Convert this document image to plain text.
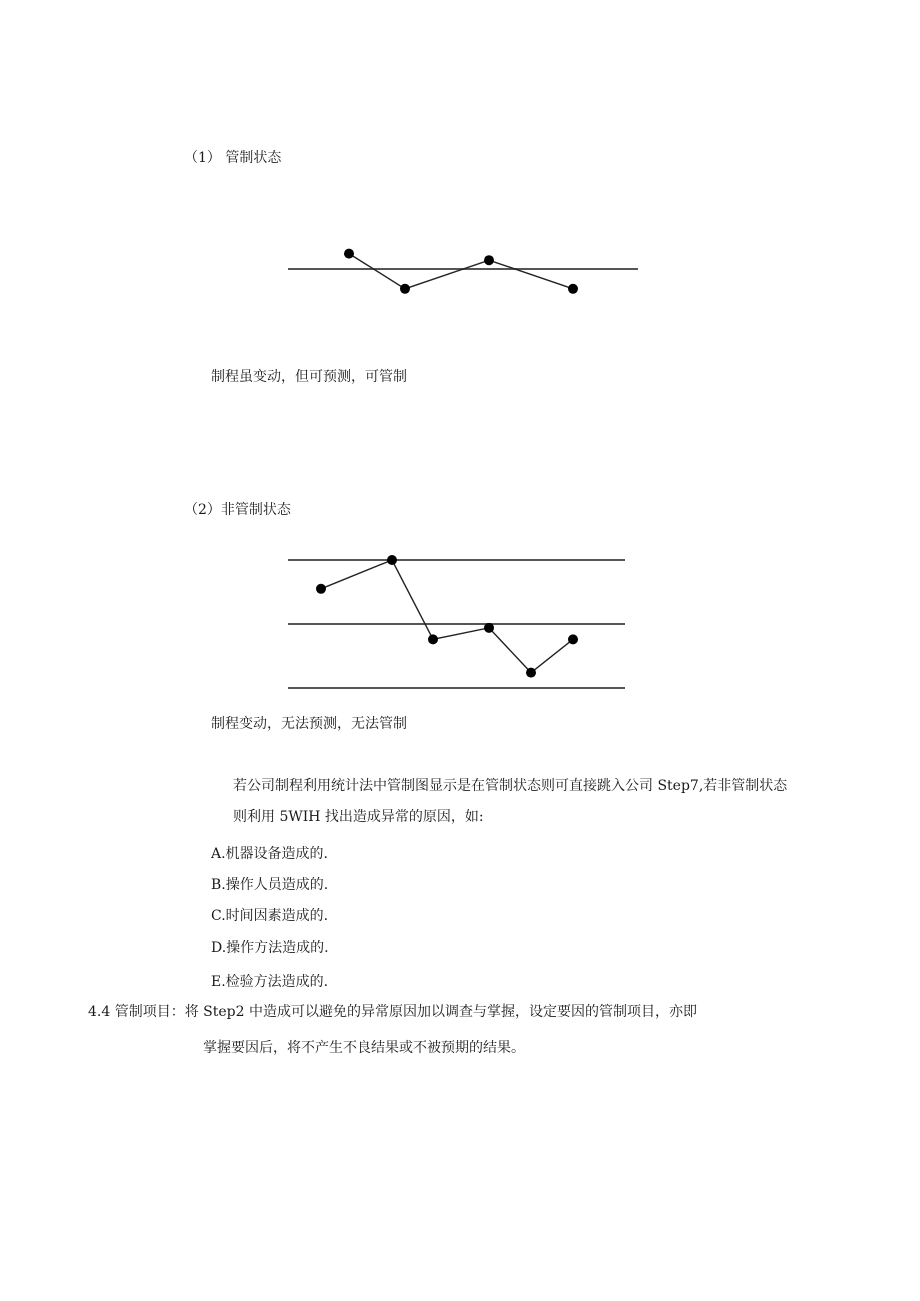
（1） 管制状态
制程虽变动，但可预测，可管制
（2）非管制状态
制程变动，无法预测，无法管制
若公司制程利用统计法中管制图显示是在管制状态则可直接跳入公司 Step7,若非管制状态
则利用 5WIH 找出造成异常的原因，如:
A.机器设备造成的.
B.操作人员造成的.
C.时间因素造成的.
D.操作方法造成的.
E.检验方法造成的.
4.4 管制项目：将 Step2 中造成可以避免的异常原因加以调查与掌握，设定要因的管制项目，亦即
掌握要因后，将不产生不良结果或不被预期的结果。
